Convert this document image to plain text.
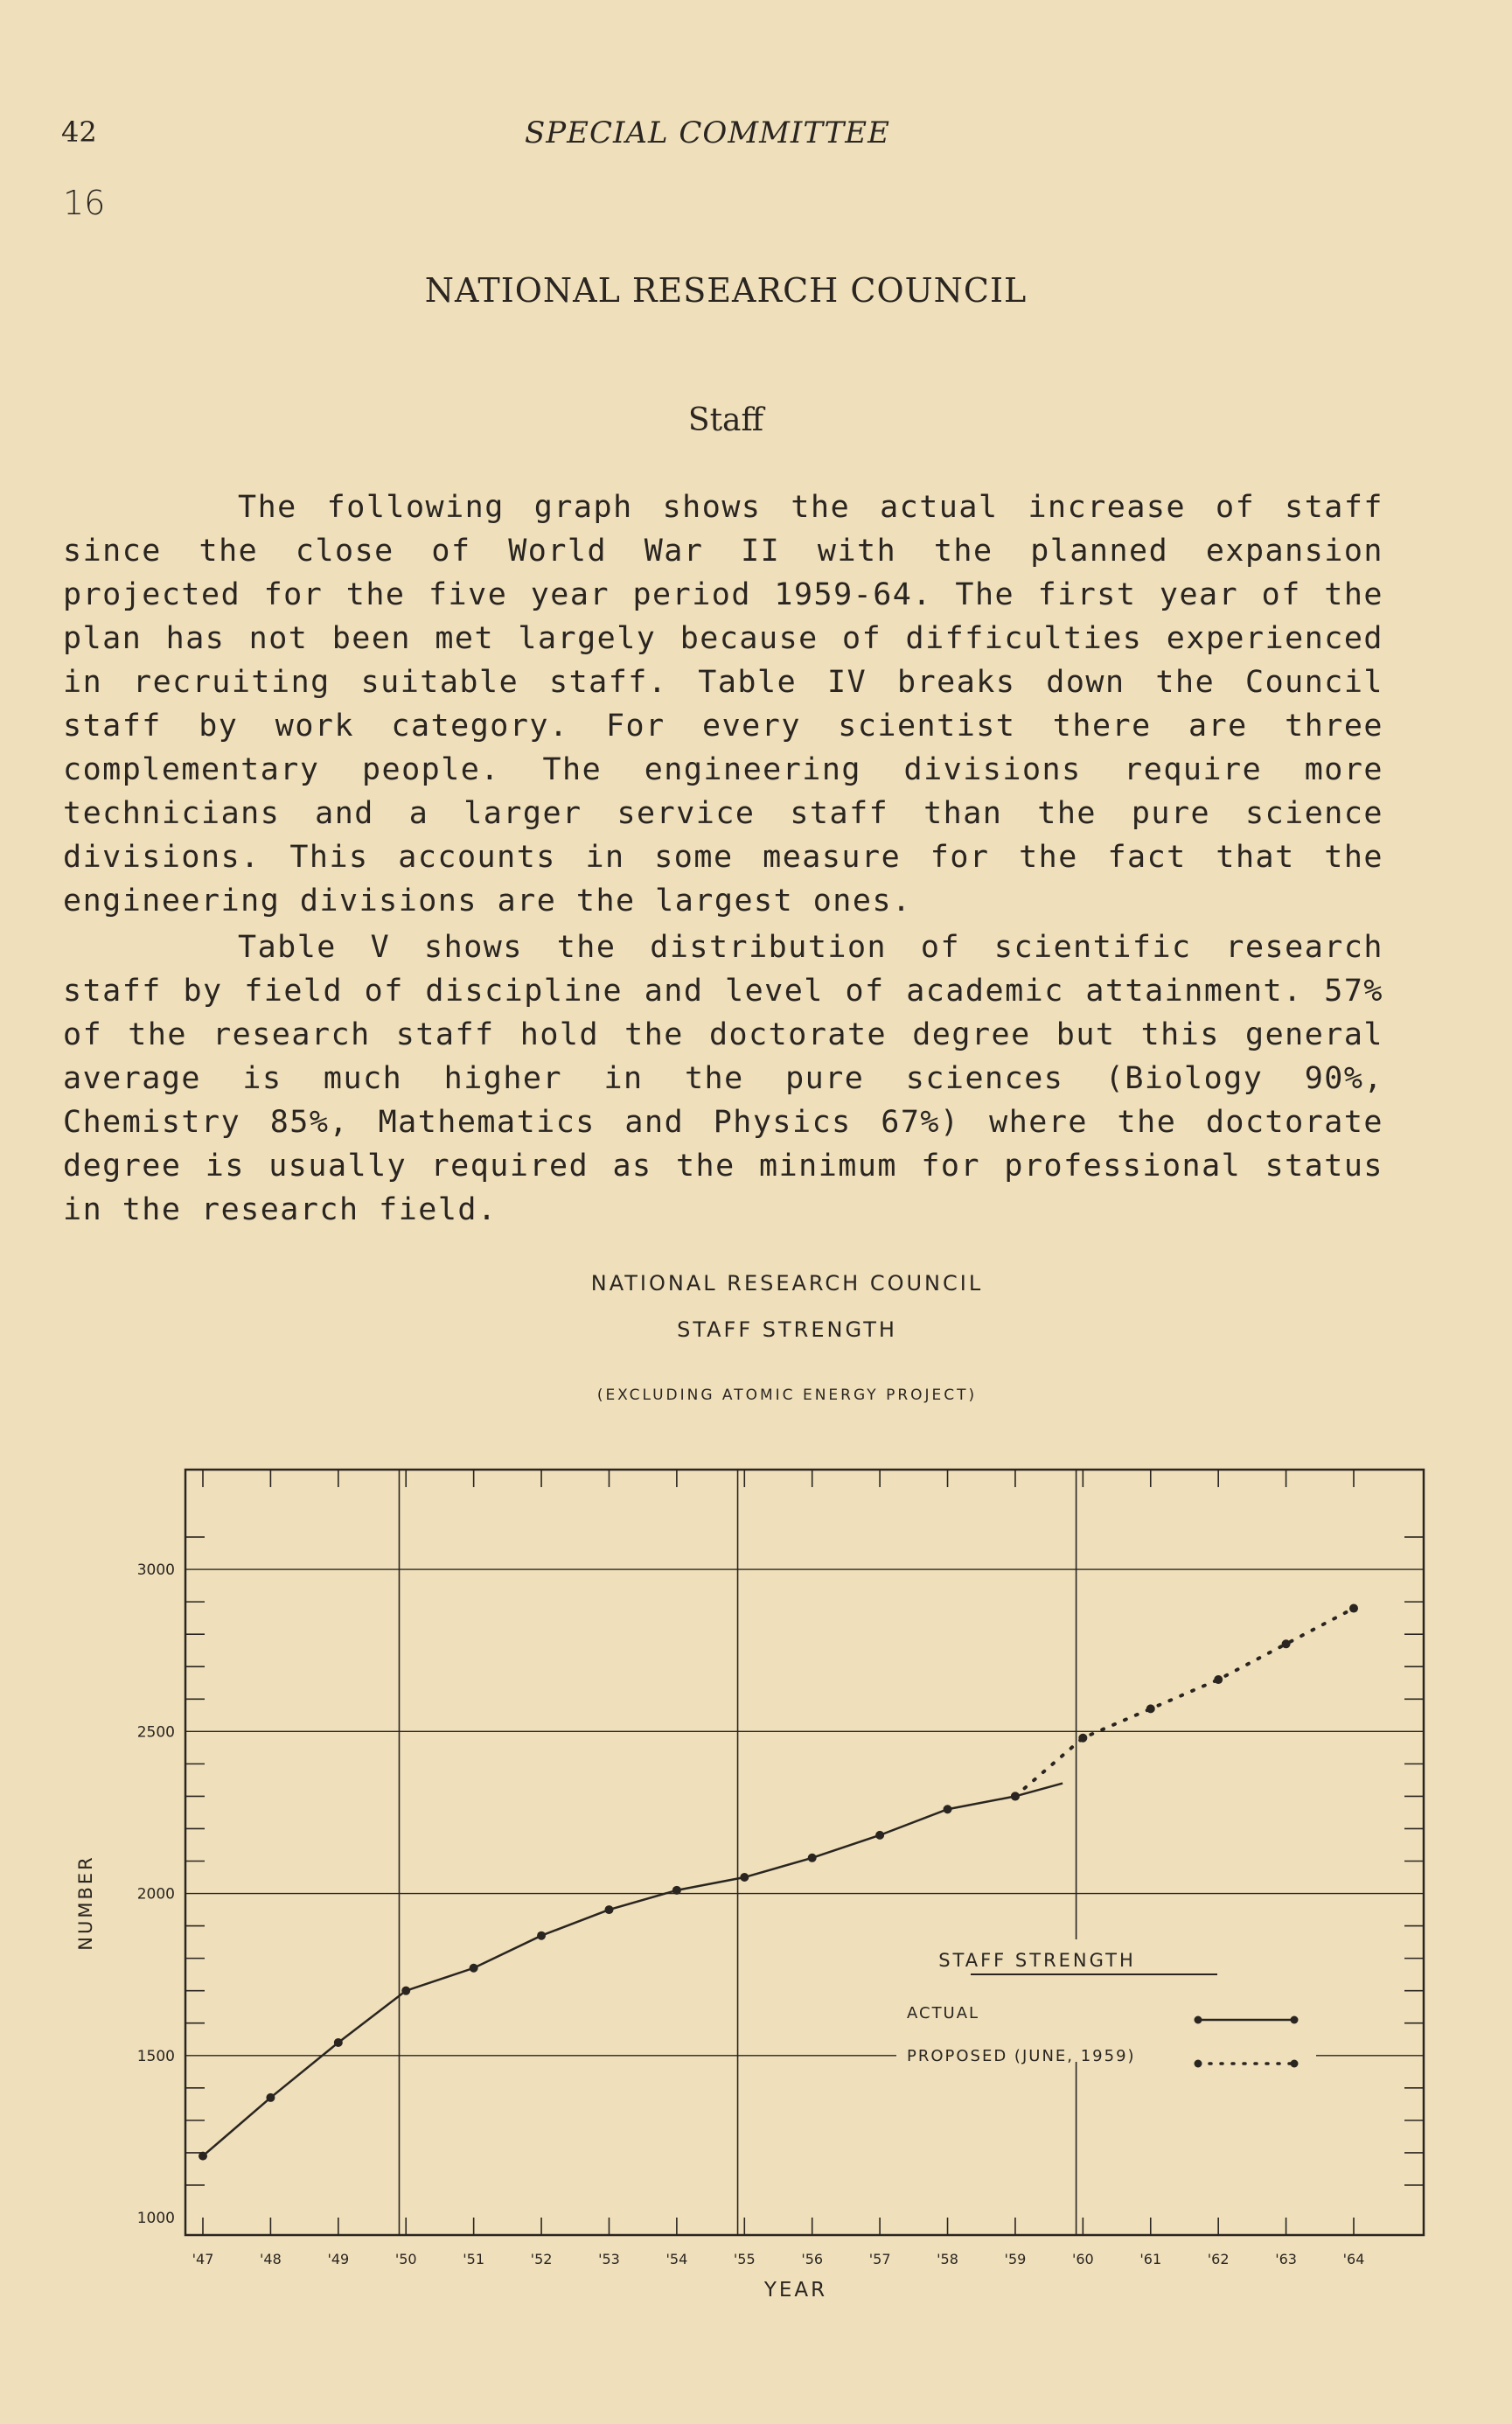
42	SPECIAL COMMITTEE
16
NATIONAL RESEARCH COUNCIL
Staff

The following graph shows the actual increase of staff since the close of World War II with the planned expansion projected for the five year period 1959-64. The first year of the plan has not been met largely because of difficulties experienced in recruiting suitable staff. Table IV breaks down the Council staff by work category. For every scientist there are three complementary people. The engineering divisions require more technicians and a larger service staff than the pure science divisions. This accounts in some measure for the fact that the engineering divisions are the largest ones.

Table V shows the distribution of scientific research staff by field of discipline and level of academic attainment. 57% of the research staff hold the doctorate degree but this general average is much higher in the pure sciences (Biology 90%, Chemistry 85%, Mathematics and Physics 67%) where the doctorate degree is usually required as the minimum for professional status in the research field.

NATIONAL RESEARCH COUNCIL
STAFF STRENGTH
(EXCLUDING ATOMIC ENERGY PROJECT)
YEAR
NUMBER
1000
1500
2000
2500
3000
'47	'48	'49	'50	'51	'52	'53	'54	'55	'56	'57	'58	'59	'60	'61	'62	'63	'64
STAFF STRENGTH
ACTUAL
PROPOSED (JUNE, 1959)
